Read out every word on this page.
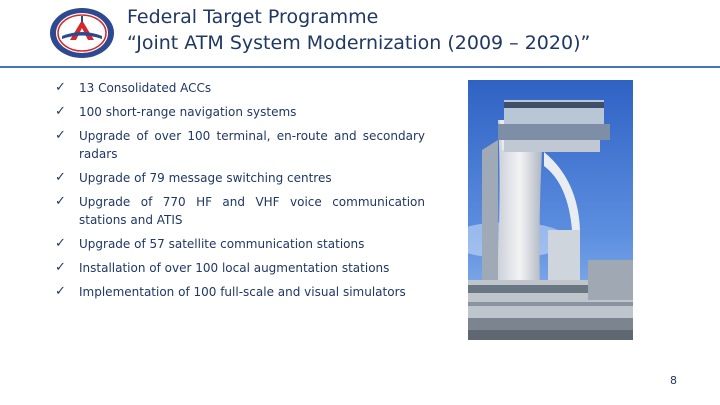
Federal Target Programme
“Joint ATM System Modernization (2009 – 2020)”
✓ 13 Consolidated ACCs
✓ 100 short-range navigation systems
✓ Upgrade of over 100 terminal, en-route and secondary radars
✓ Upgrade of 79 message switching centres
✓ Upgrade of 770 HF and VHF voice communication stations and ATIS
✓ Upgrade of 57 satellite communication stations
✓ Installation of over 100 local augmentation stations
✓ Implementation of 100 full-scale and visual simulators
8
